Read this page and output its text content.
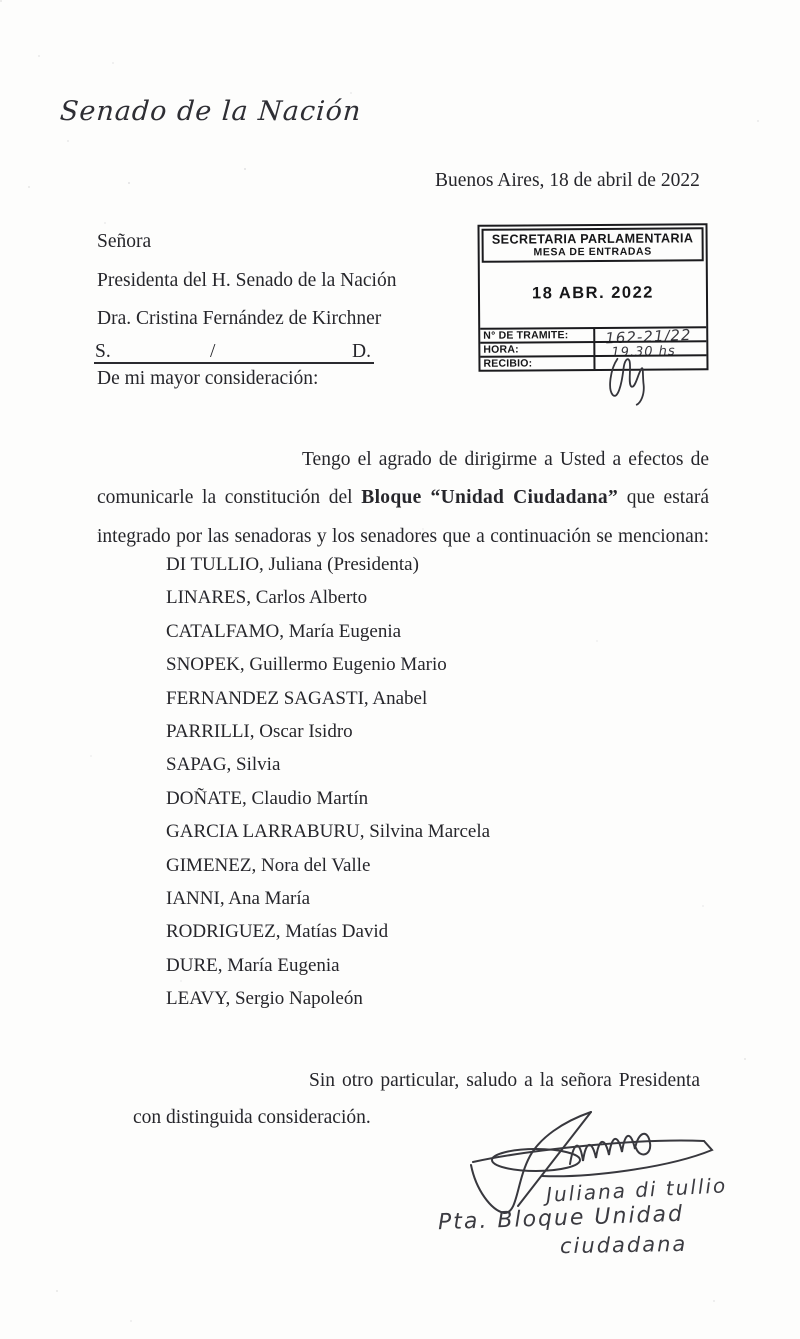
Senado de la Nación
Buenos Aires, 18 de abril de 2022
SECRETARIA PARLAMENTARIA
MESA DE ENTRADAS
18 ABR. 2022
N° DE TRAMITE:	162-21/22
HORA:	19.30 hs
RECIBIO:
Señora
Presidenta del H. Senado de la Nación
Dra. Cristina Fernández de Kirchner
S.	/	D.
De mi mayor consideración:

Tengo el agrado de dirigirme a Usted a efectos de comunicarle la constitución del Bloque “Unidad Ciudadana” que estará integrado por las senadoras y los senadores que a continuación se mencionan:

DI TULLIO, Juliana (Presidenta)
LINARES, Carlos Alberto
CATALFAMO, María Eugenia
SNOPEK, Guillermo Eugenio Mario
FERNANDEZ SAGASTI, Anabel
PARRILLI, Oscar Isidro
SAPAG, Silvia
DOÑATE, Claudio Martín
GARCIA LARRABURU, Silvina Marcela
GIMENEZ, Nora del Valle
IANNI, Ana María
RODRIGUEZ, Matías David
DURE, María Eugenia
LEAVY, Sergio Napoleón

Sin otro particular, saludo a la señora Presidenta con distinguida consideración.

Juliana di tullio
Pta. Bloque Unidad
ciudadana
